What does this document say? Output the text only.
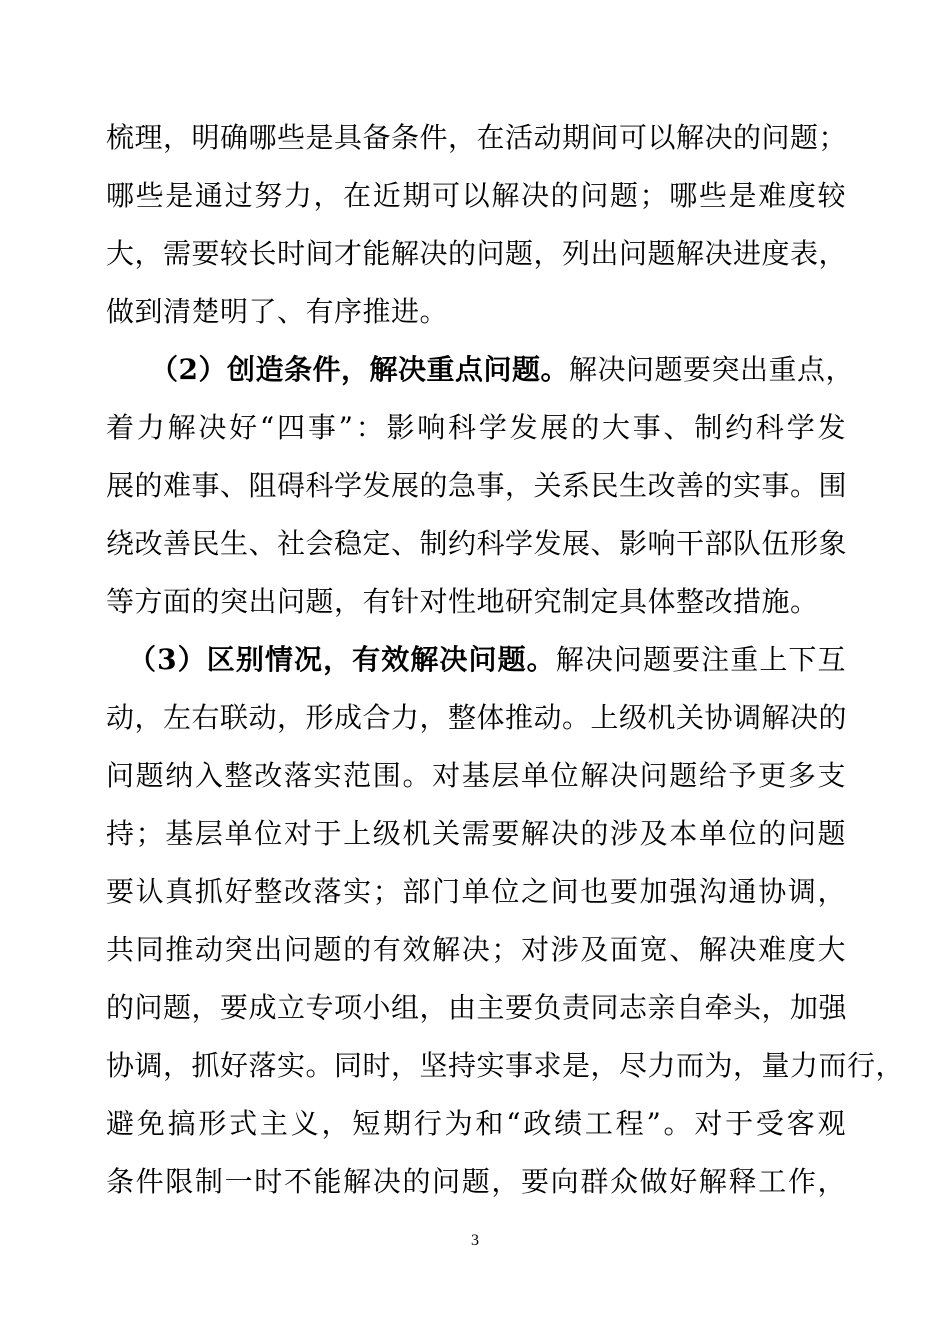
梳理，明确哪些是具备条件，在活动期间可以解决的问题；
哪些是通过努力，在近期可以解决的问题；哪些是难度较
大，需要较长时间才能解决的问题，列出问题解决进度表，
做到清楚明了、有序推进。
（2）创造条件，解决重点问题。解决问题要突出重点，
着力解决好“四事”：影响科学发展的大事、制约科学发
展的难事、阻碍科学发展的急事，关系民生改善的实事。围
绕改善民生、社会稳定、制约科学发展、影响干部队伍形象
等方面的突出问题，有针对性地研究制定具体整改措施。
（3）区别情况，有效解决问题。解决问题要注重上下互
动，左右联动，形成合力，整体推动。上级机关协调解决的
问题纳入整改落实范围。对基层单位解决问题给予更多支
持；基层单位对于上级机关需要解决的涉及本单位的问题
要认真抓好整改落实；部门单位之间也要加强沟通协调，
共同推动突出问题的有效解决；对涉及面宽、解决难度大
的问题，要成立专项小组，由主要负责同志亲自牵头，加强
协调，抓好落实。同时，坚持实事求是，尽力而为，量力而行，
避免搞形式主义，短期行为和“政绩工程”。对于受客观
条件限制一时不能解决的问题，要向群众做好解释工作，
3
